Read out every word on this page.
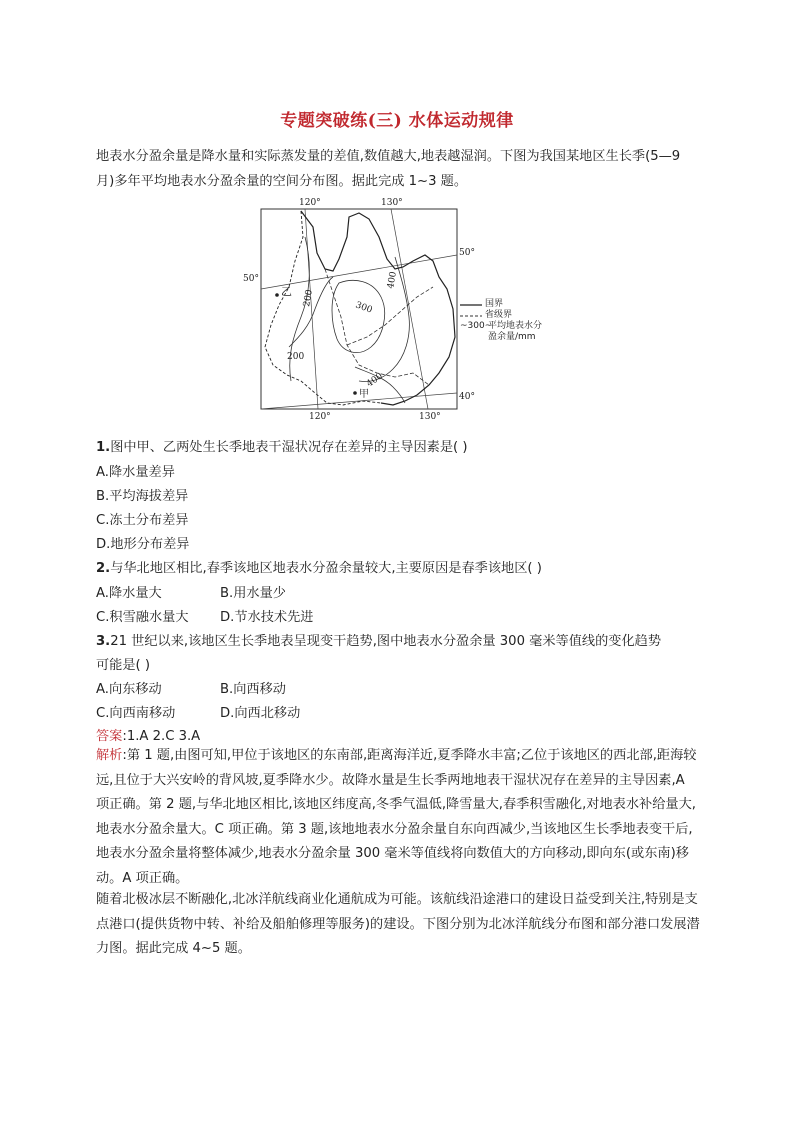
专题突破练(三) 水体运动规律
地表水分盈余量是降水量和实际蒸发量的差值,数值越大,地表越湿润。下图为我国某地区生长季(5—9 月)多年平均地表水分盈余量的空间分布图。据此完成 1~3 题。
120°	130°
120°	130°
50°
50°
40°
乙
甲
200
200
300
400
400
国界
省级界
~300~
平均地表水分
盈余量/mm
1.图中甲、乙两处生长季地表干湿状况存在差异的主导因素是( )
A.降水量差异
B.平均海拔差异
C.冻土分布差异
D.地形分布差异
2.与华北地区相比,春季该地区地表水分盈余量较大,主要原因是春季该地区( )
A.降水量大	B.用水量少
C.积雪融水量大 D.节水技术先进
3.21 世纪以来,该地区生长季地表呈现变干趋势,图中地表水分盈余量 300 毫米等值线的变化趋势
可能是( )
A.向东移动	B.向西移动
C.向西南移动	D.向西北移动
答案:1.A 2.C 3.A
解析:第 1 题,由图可知,甲位于该地区的东南部,距离海洋近,夏季降水丰富;乙位于该地区的西北部,距海较远,且位于大兴安岭的背风坡,夏季降水少。故降水量是生长季两地地表干湿状况存在差异的主导因素,A 项正确。第 2 题,与华北地区相比,该地区纬度高,冬季气温低,降雪量大,春季积雪融化,对地表水补给量大,地表水分盈余量大。C 项正确。第 3 题,该地地表水分盈余量自东向西减少,当该地区生长季地表变干后,地表水分盈余量将整体减少,地表水分盈余量 300 毫米等值线将向数值大的方向移动,即向东(或东南)移动。A 项正确。
随着北极冰层不断融化,北冰洋航线商业化通航成为可能。该航线沿途港口的建设日益受到关注,特别是支点港口(提供货物中转、补给及船舶修理等服务)的建设。下图分别为北冰洋航线分布图和部分港口发展潜力图。据此完成 4~5 题。
